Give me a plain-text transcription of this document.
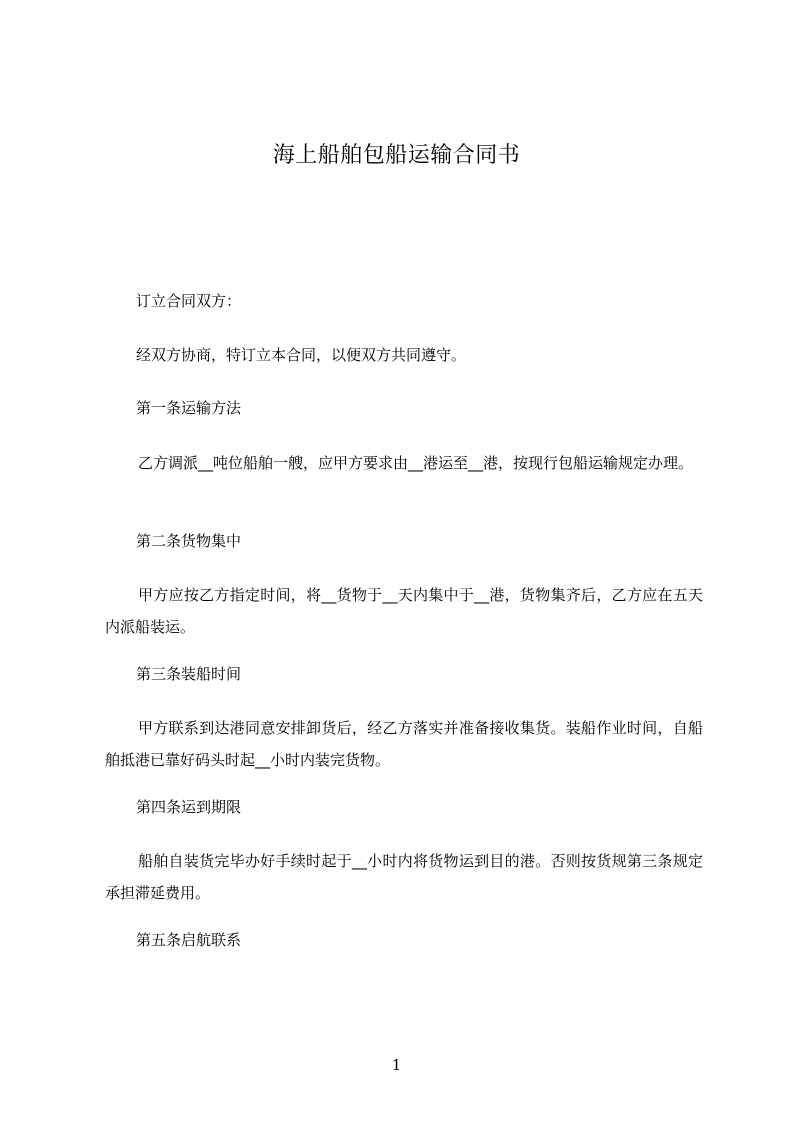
海上船舶包船运输合同书
订立合同双方：
经双方协商，特订立本合同，以便双方共同遵守。
第一条运输方法
乙方调派__吨位船舶一艘，应甲方要求由__港运至__港，按现行包船运输规定办理。
第二条货物集中
甲方应按乙方指定时间，将__货物于__天内集中于__港，货物集齐后，乙方应在五天内派船装运。
第三条装船时间
甲方联系到达港同意安排卸货后，经乙方落实并准备接收集货。装船作业时间，自船舶抵港已靠好码头时起__小时内装完货物。
第四条运到期限
船舶自装货完毕办好手续时起于__小时内将货物运到目的港。否则按货规第三条规定承担滞延费用。
第五条启航联系
1
